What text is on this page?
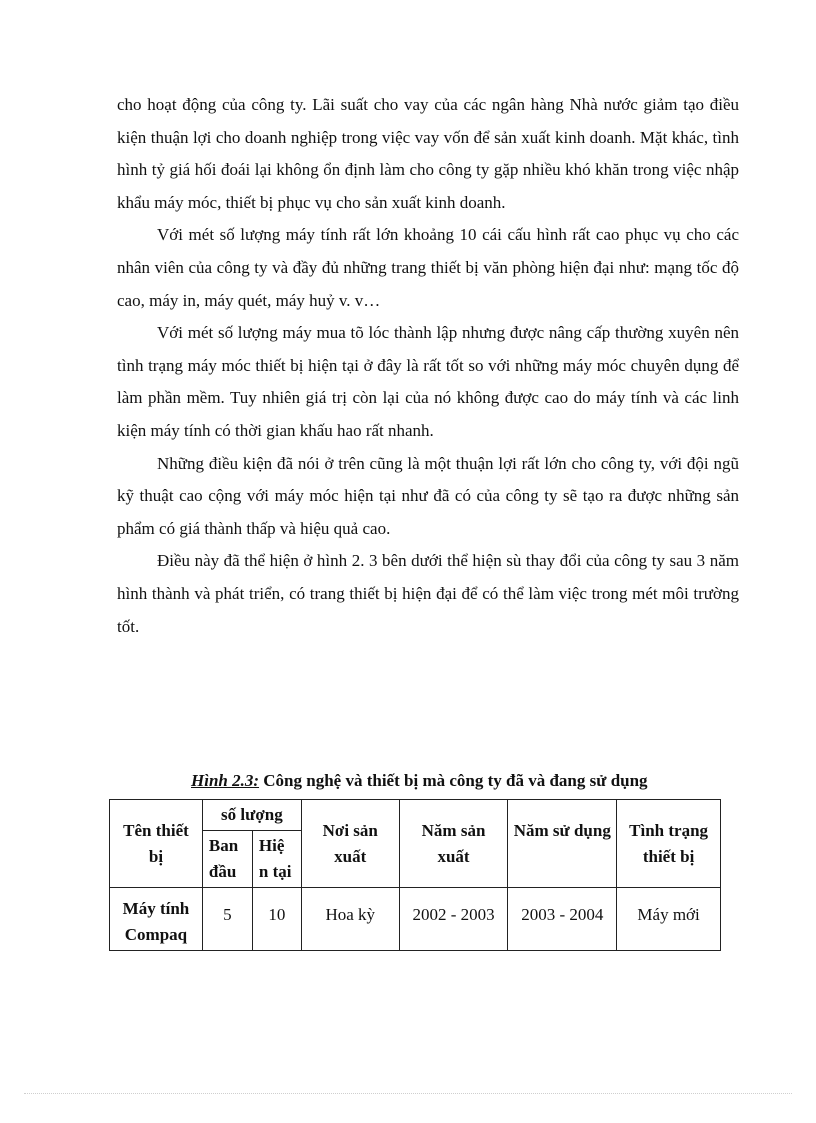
cho hoạt động của công ty. Lãi suất cho vay của các ngân hàng Nhà nước giảm tạo điều kiện thuận lợi cho doanh nghiệp trong việc vay vốn để sản xuất kinh doanh. Mặt khác, tình hình tỷ giá hối đoái lại không ổn định làm cho công ty gặp nhiều khó khăn trong việc nhập khẩu máy móc, thiết bị phục vụ cho sản xuất kinh doanh.

Với mét số lượng máy tính rất lớn khoảng 10 cái cấu hình rất cao phục vụ cho các nhân viên của công ty và đầy đủ những trang thiết bị văn phòng hiện đại như: mạng tốc độ cao, máy in, máy quét, máy huỷ v. v…

Với mét số lượng máy mua tõ lóc thành lập nhưng được nâng cấp thường xuyên nên tình trạng máy móc thiết bị hiện tại ở đây là rất tốt so với những máy móc chuyên dụng để làm phần mềm. Tuy nhiên giá trị còn lại của nó không được cao do máy tính và các linh kiện máy tính có thời gian khấu hao rất nhanh.

Những điều kiện đã nói ở trên cũng là một thuận lợi rất lớn cho công ty, với đội ngũ kỹ thuật cao cộng với máy móc hiện tại như đã có của công ty sẽ tạo ra được những sản phẩm có giá thành thấp và hiệu quả cao.

Điều này đã thể hiện ở hình 2. 3 bên dưới thể hiện sù thay đổi của công ty sau 3 năm hình thành và phát triển, có trang thiết bị hiện đại để có thể làm việc trong mét môi trường tốt.

Hình 2.3: Công nghệ và thiết bị mà công ty đã và đang sử dụng
Tên thiết bị	số lượng		Nơi sản xuất	Năm sản xuất	Năm sử dụng	Tình trạng thiết bị
	Ban đầu	Hiệ n tại				
Máy tính Compaq	5	10	Hoa kỳ	2002 - 2003	2003 - 2004	Máy mới
